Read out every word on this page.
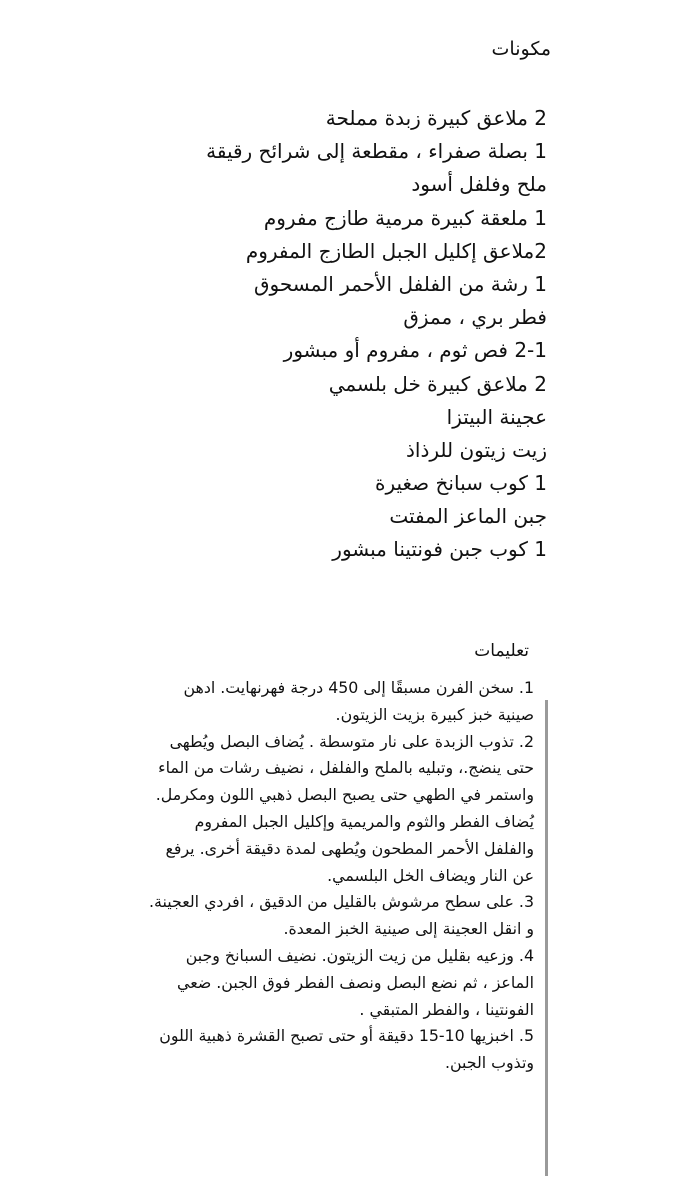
مكونات
2 ملاعق كبيرة زبدة مملحة
1 بصلة صفراء ، مقطعة إلى شرائح رقيقة
ملح وفلفل أسود
1 ملعقة كبيرة مرمية طازج مفروم
2ملاعق إكليل الجبل الطازج المفروم
1 رشة من الفلفل الأحمر المسحوق
فطر بري ، ممزق
2-1 فص ثوم ، مفروم أو مبشور
2 ملاعق كبيرة خل بلسمي
عجينة البيتزا
زيت زيتون للرذاذ
1 كوب سبانخ صغيرة
جبن الماعز المفتت
1 كوب جبن فونتينا مبشور
تعليمات
1. سخن الفرن مسبقًا إلى 450 درجة فهرنهايت. ادهن صينية خبز كبيرة بزيت الزيتون.
2. تذوب الزبدة على نار متوسطة . يُضاف البصل ويُطهى حتى ينضج.، وتبليه بالملح والفلفل ، نضيف رشات من الماء واستمر في الطهي حتى يصبح البصل ذهبي اللون ومكرمل. يُضاف الفطر والثوم والمريمية وإكليل الجبل المفروم والفلفل الأحمر المطحون ويُطهى لمدة دقيقة أخرى. يرفع عن النار ويضاف الخل البلسمي.
3. على سطح مرشوش بالقليل من الدقيق ، افردي العجينة. و انقل العجينة إلى صينية الخبز المعدة.
4. وزعيه بقليل من زيت الزيتون. نضيف السبانخ وجبن الماعز ، ثم نضع البصل ونصف الفطر فوق الجبن. ضعي الفونتينا ، والفطر المتبقي .
5. اخبزيها 10-15 دقيقة أو حتى تصبح القشرة ذهبية اللون وتذوب الجبن.
